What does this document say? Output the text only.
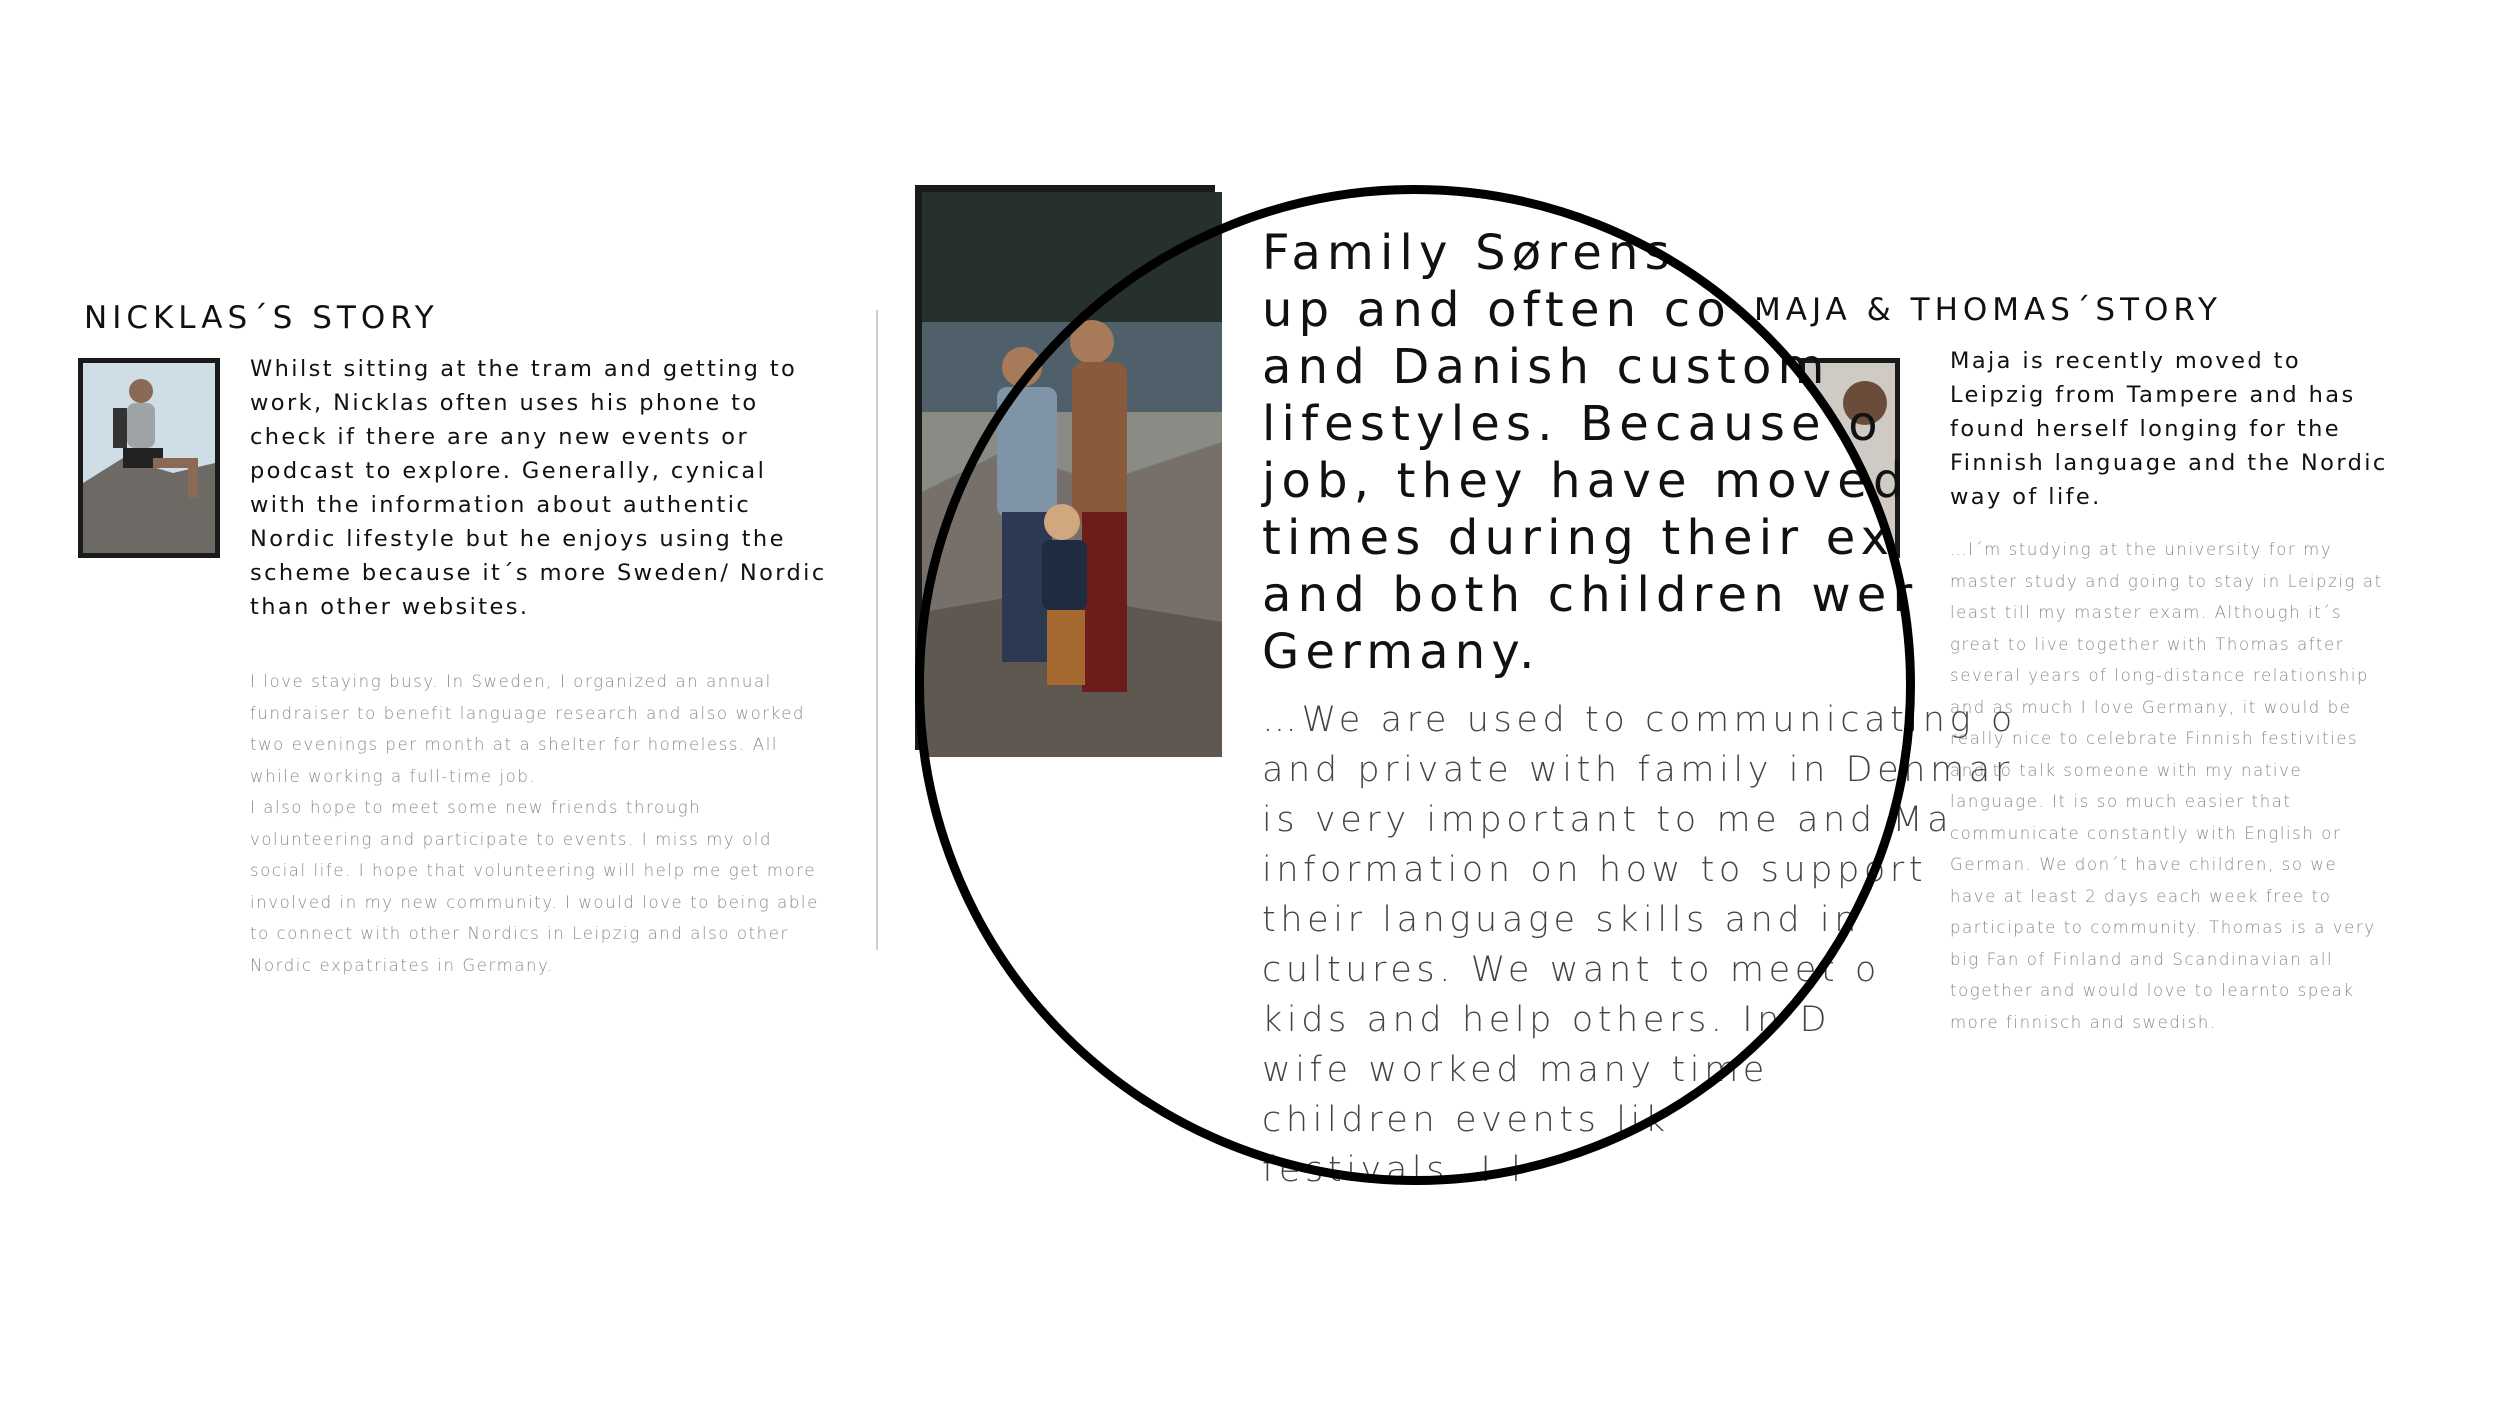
NICKLAS´S STORY
Whilst sitting at the tram and getting to work, Nicklas often uses his phone to check if there are any new events or podcast to explore. Generally, cynical with the information about authentic Nordic lifestyle but he enjoys using the scheme because it´s more Sweden/ Nordic than other websites.
I love staying busy. In Sweden, I organized an annual fundraiser to benefit language research and also worked two evenings per month at a shelter for homeless. All while working a full-time job.
I also hope to meet some new friends through volunteering and participate to events. I miss my old social life. I hope that volunteering will help me get more involved in my new community. I would love to being able to connect with other Nordics in Leipzig and also other Nordic expatriates in Germany.
MAJA & THOMAS´STORY
Maja is recently moved to Leipzig from Tampere and has found herself longing for the Finnish language and the Nordic way of life.
…I´m studying at the university for my master study and going to stay in Leipzig at least till my master exam. Although it´s great to live together with Thomas after several years of long-distance relationship and as much I love Germany, it would be really nice to celebrate Finnish festivities and to talk someone with my native language. It is so much easier that communicate constantly with English or German. We don´t have children, so we have at least 2 days each week free to participate to community. Thomas is a very big Fan of Finland and Scandinavian all together and would love to learnto speak more finnisch and swedish.
Family Sørens
up and often co
and Danish custom
lifestyles. Because o
job, they have moved
times during their ex
and both children wer
Germany.
…We are used to communicating o
and private with family in Denmar
is very important to me and Ma
information on how to support
their language skills and in
cultures. We want to meet o
kids and help others. In D
wife worked many time
children events lik
festivals. I l
